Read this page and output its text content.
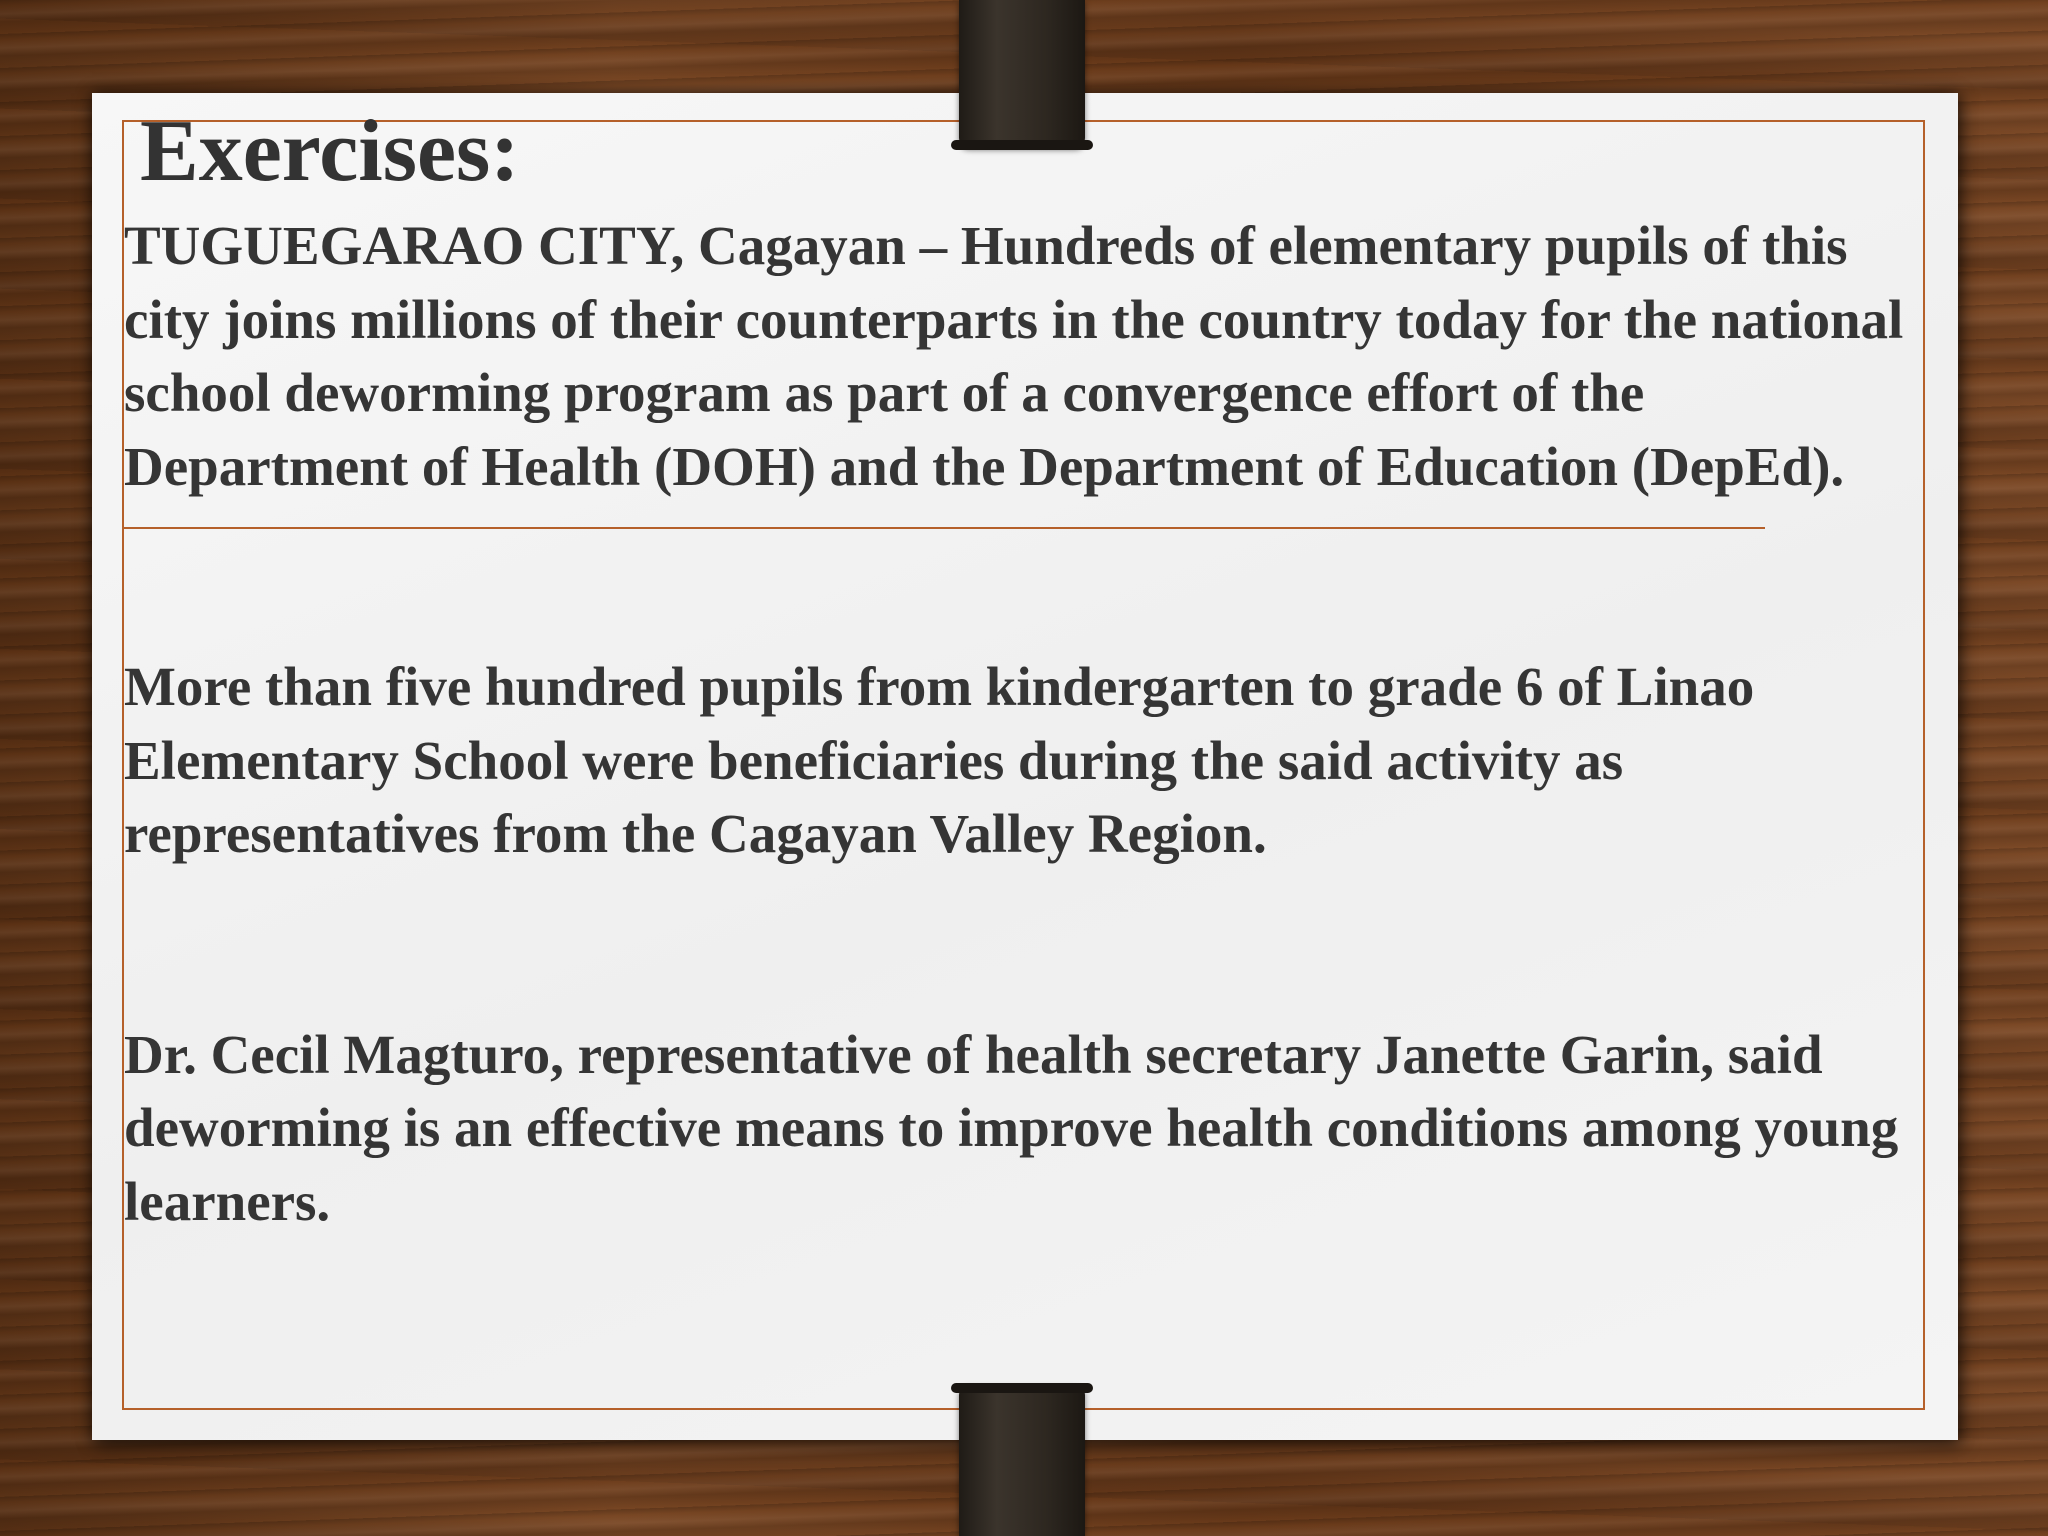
Exercises:

TUGUEGARAO CITY, Cagayan – Hundreds of elementary pupils of this city joins millions of their counterparts in the country today for the national school deworming program as part of a convergence effort of the Department of Health (DOH) and the Department of Education (DepEd).

More than five hundred pupils from kindergarten to grade 6 of Linao Elementary School were beneficiaries during the said activity as representatives from the Cagayan Valley Region.

Dr. Cecil Magturo, representative of health secretary Janette Garin, said deworming is an effective means to improve health conditions among young learners.
